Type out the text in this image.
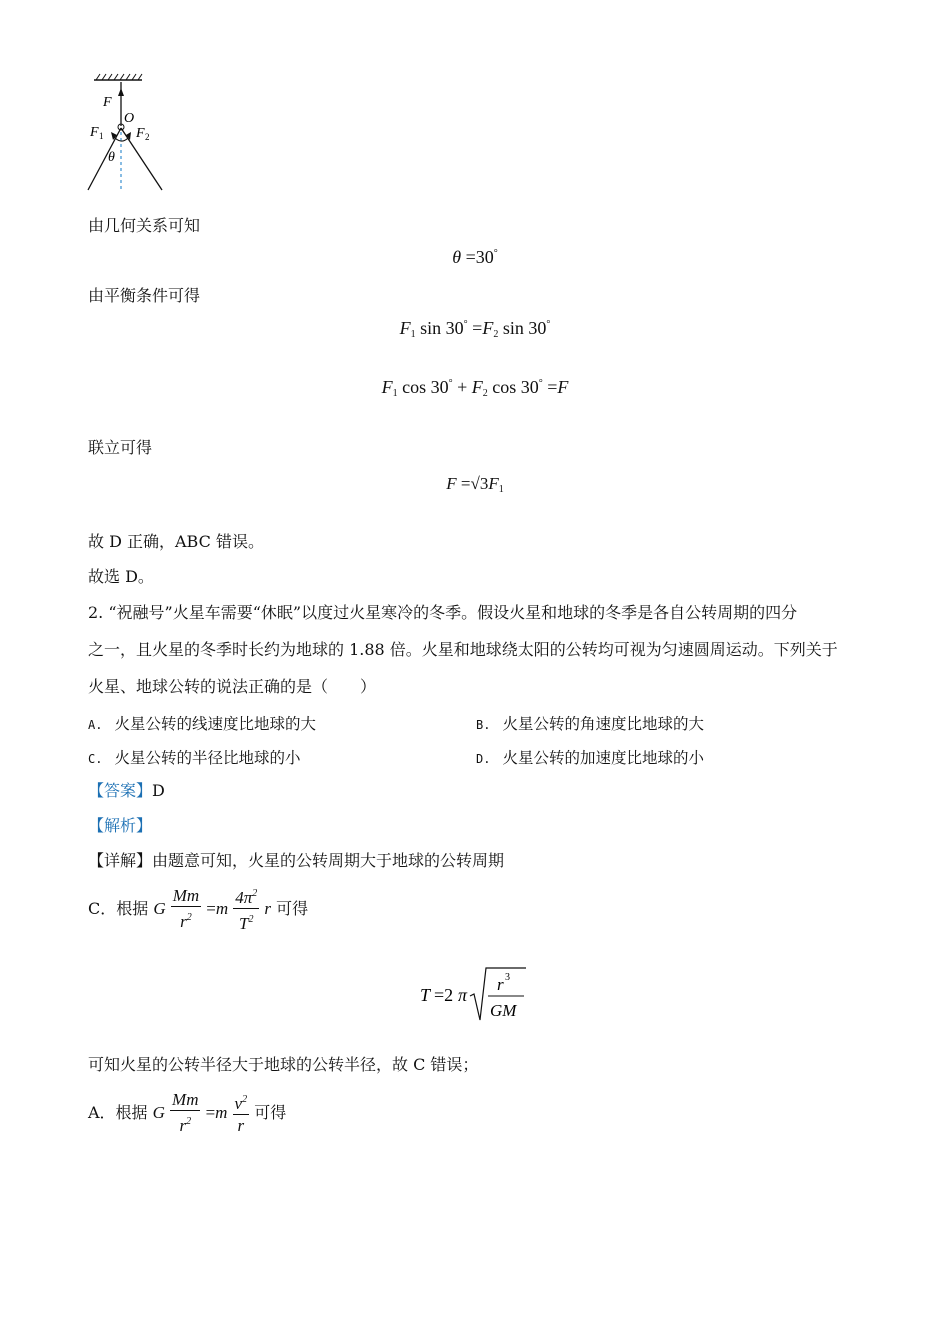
F
O
F 1 F 2
θ
由几何关系可知
θ =30°
由平衡条件可得
$F_1$ $\sin 30^\circ =F_2$ sin 30°
$F_1$ $\cos 30^\circ + F_2$ cos 30° =F
联立可得
$F =√3F_1$
故 D 正确，ABC 错误。
故选 D。
2. “祝融号”火星车需要“休眠”以度过火星寒冷的冬季。假设火星和地球的冬季是各自公转周期的四分
之一，且火星的冬季时长约为地球的 1.88 倍。火星和地球绕太阳的公转均可视为匀速圆周运动。下列关于
火星、地球公转的说法正确的是（　　）
A. 火星公转的线速度比地球的大	B. 火星公转的角速度比地球的大
C. 火星公转的半径比地球的小	D. 火星公转的加速度比地球的小
【答案】D
【解析】
【详解】由题意可知，火星的公转周期大于地球的公转周期
C．根据 G $\frac{Mm}{r^2} =m \frac{4\pi^2}{T^2}$ r 可得
T =2 π
r 3
GM
可知火星的公转半径大于地球的公转半径，故 C 错误；
A．根据 G $\frac{Mm}{r^2} =m \frac{v^2}{r}$ 可得
